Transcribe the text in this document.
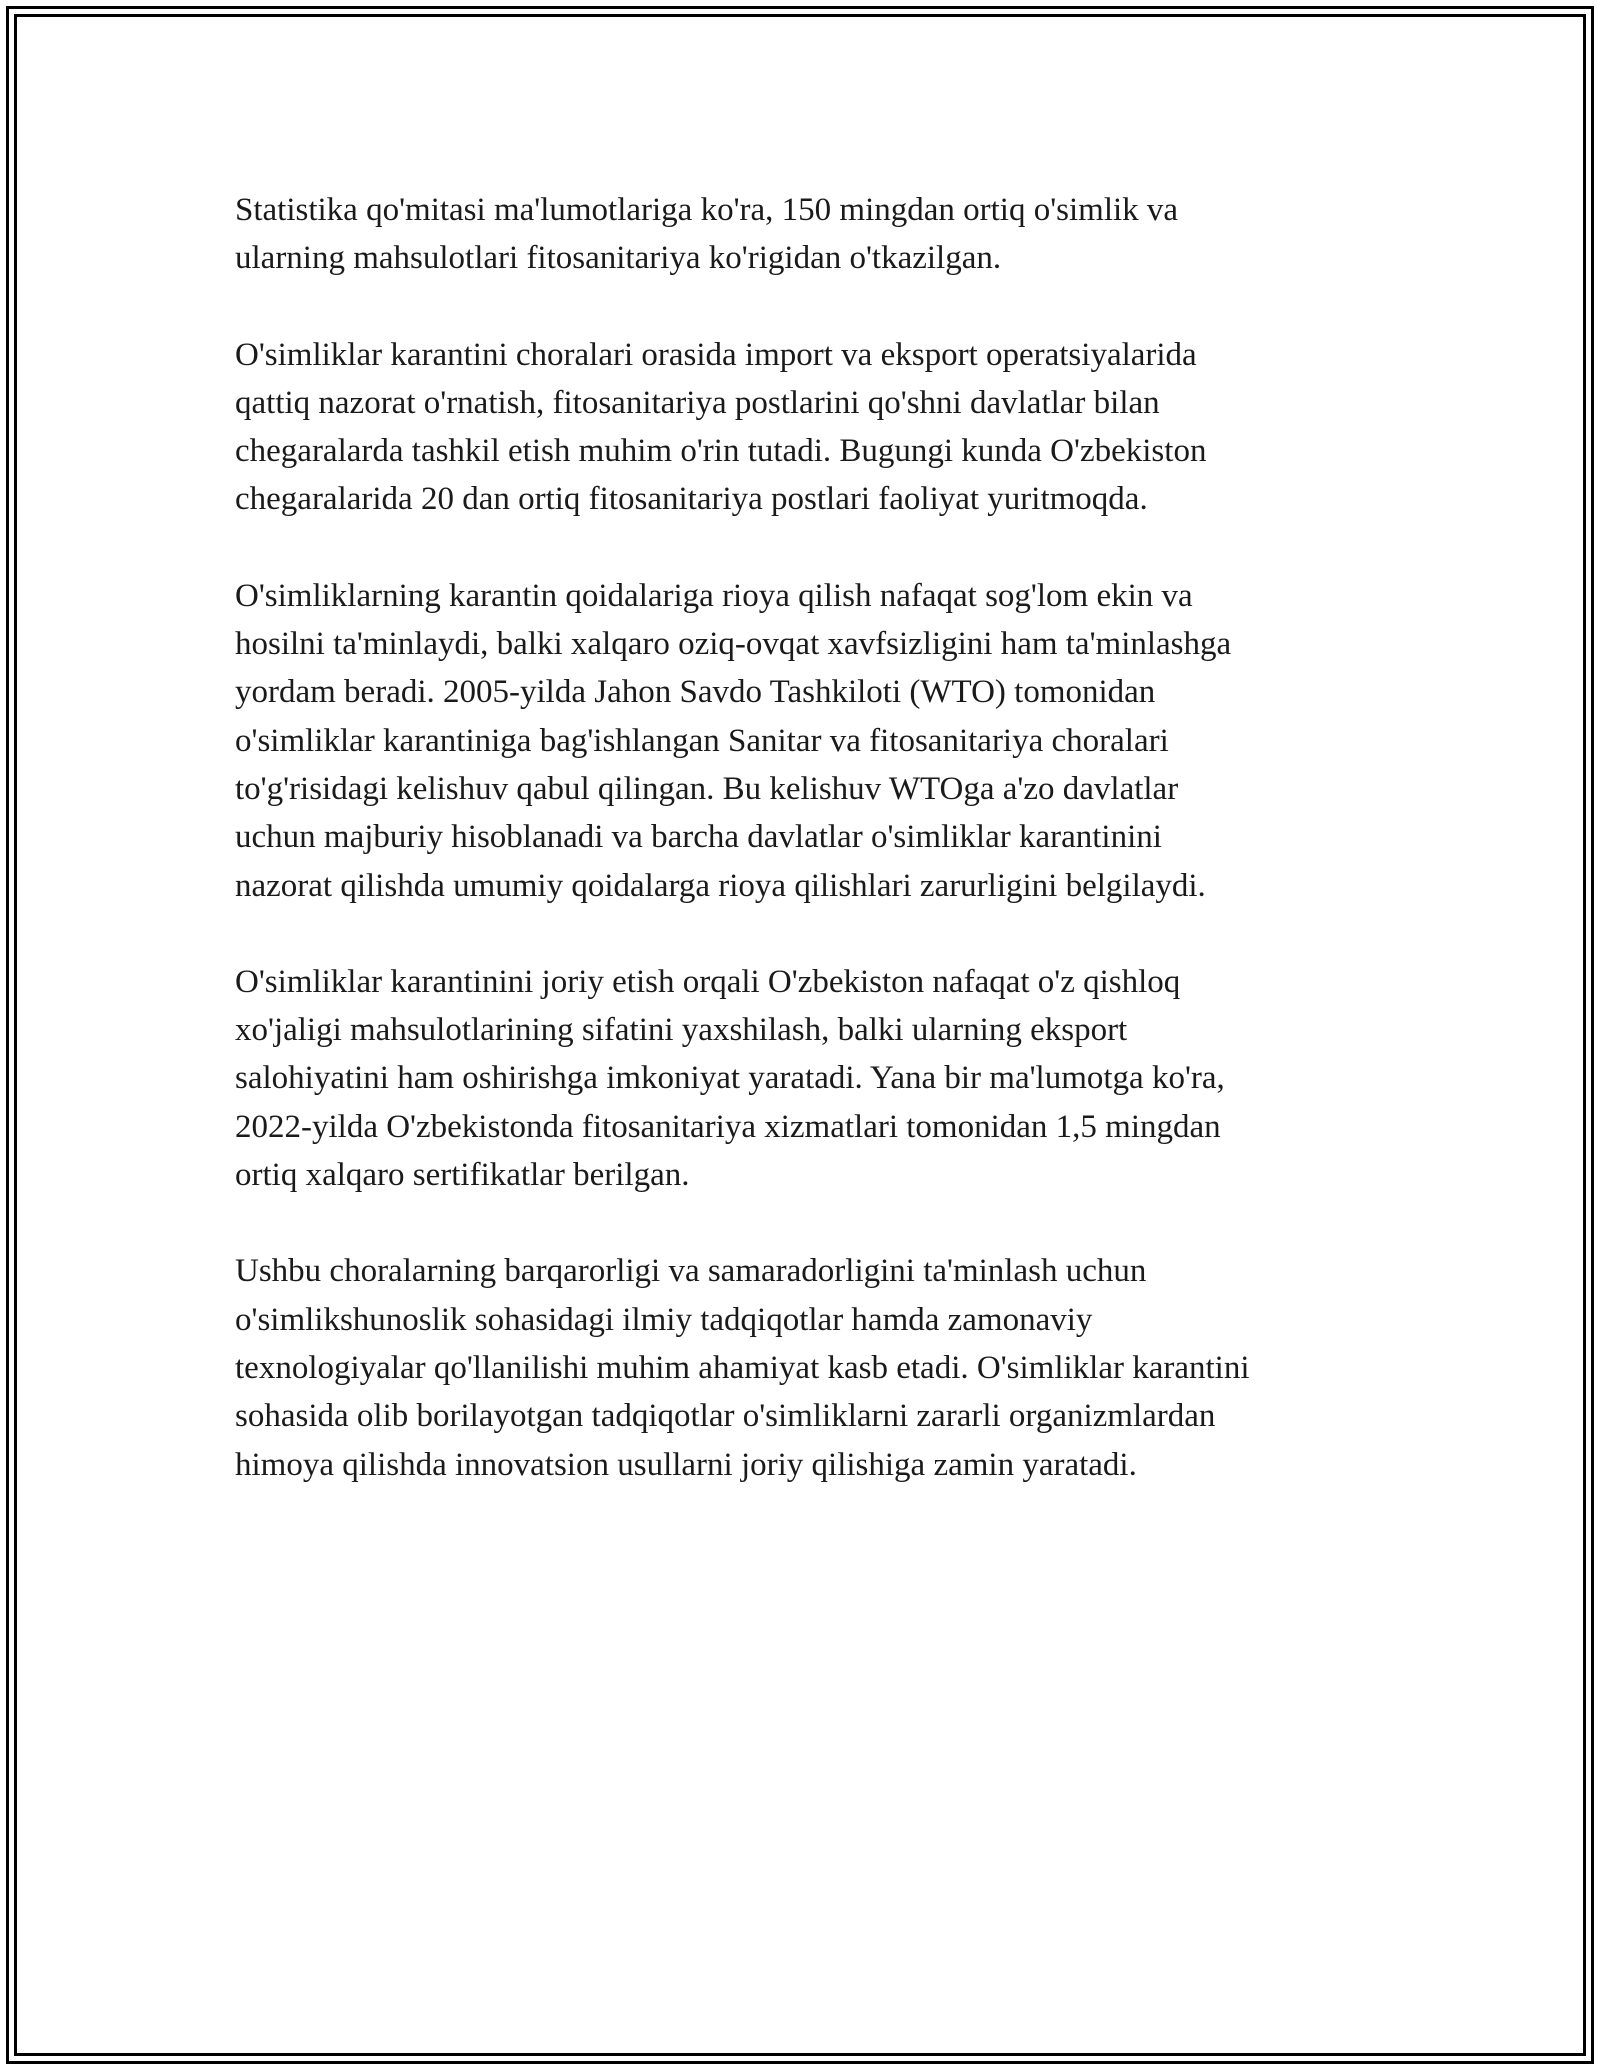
Statistika qo'mitasi ma'lumotlariga ko'ra, 150 mingdan ortiq o'simlik va
ularning mahsulotlari fitosanitariya ko'rigidan o'tkazilgan.

O'simliklar karantini choralari orasida import va eksport operatsiyalarida
qattiq nazorat o'rnatish, fitosanitariya postlarini qo'shni davlatlar bilan
chegaralarda tashkil etish muhim o'rin tutadi. Bugungi kunda O'zbekiston
chegaralarida 20 dan ortiq fitosanitariya postlari faoliyat yuritmoqda.

O'simliklarning karantin qoidalariga rioya qilish nafaqat sog'lom ekin va
hosilni ta'minlaydi, balki xalqaro oziq-ovqat xavfsizligini ham ta'minlashga
yordam beradi. 2005-yilda Jahon Savdo Tashkiloti (WTO) tomonidan
o'simliklar karantiniga bag'ishlangan Sanitar va fitosanitariya choralari
to'g'risidagi kelishuv qabul qilingan. Bu kelishuv WTOga a'zo davlatlar
uchun majburiy hisoblanadi va barcha davlatlar o'simliklar karantinini
nazorat qilishda umumiy qoidalarga rioya qilishlari zarurligini belgilaydi.

O'simliklar karantinini joriy etish orqali O'zbekiston nafaqat o'z qishloq
xo'jaligi mahsulotlarining sifatini yaxshilash, balki ularning eksport
salohiyatini ham oshirishga imkoniyat yaratadi. Yana bir ma'lumotga ko'ra,
2022-yilda O'zbekistonda fitosanitariya xizmatlari tomonidan 1,5 mingdan
ortiq xalqaro sertifikatlar berilgan.

Ushbu choralarning barqarorligi va samaradorligini ta'minlash uchun
o'simlikshunoslik sohasidagi ilmiy tadqiqotlar hamda zamonaviy
texnologiyalar qo'llanilishi muhim ahamiyat kasb etadi. O'simliklar karantini
sohasida olib borilayotgan tadqiqotlar o'simliklarni zararli organizmlardan
himoya qilishda innovatsion usullarni joriy qilishiga zamin yaratadi.
